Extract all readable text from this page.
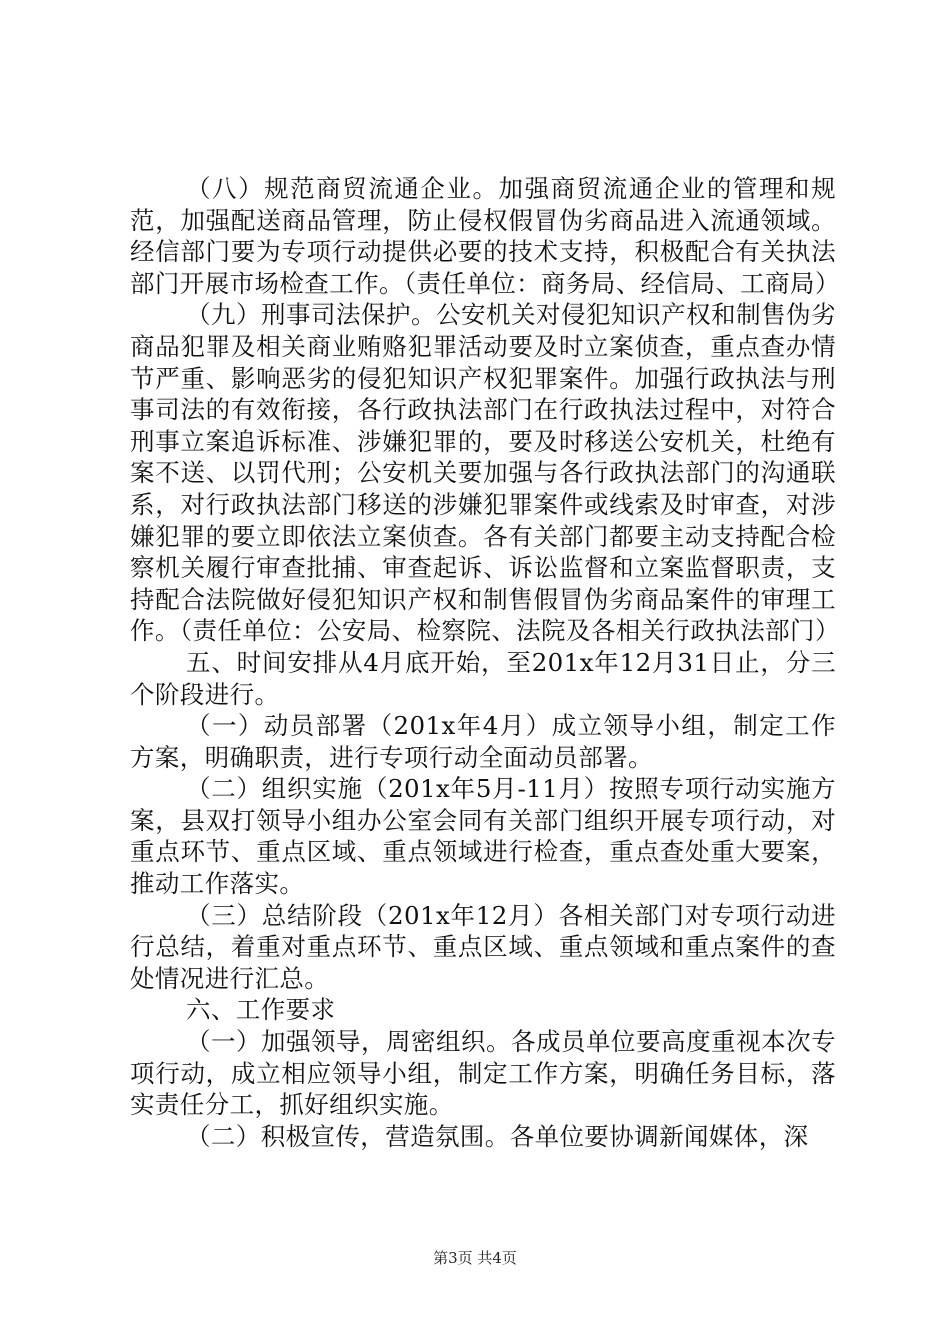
（八）规范商贸流通企业。加强商贸流通企业的管理和规范，加强配送商品管理，防止侵权假冒伪劣商品进入流通领域。经信部门要为专项行动提供必要的技术支持，积极配合有关执法部门开展市场检查工作。（责任单位：商务局、经信局、工商局）

（九）刑事司法保护。公安机关对侵犯知识产权和制售伪劣商品犯罪及相关商业贿赂犯罪活动要及时立案侦查，重点查办情节严重、影响恶劣的侵犯知识产权犯罪案件。加强行政执法与刑事司法的有效衔接，各行政执法部门在行政执法过程中，对符合刑事立案追诉标准、涉嫌犯罪的，要及时移送公安机关，杜绝有案不送、以罚代刑；公安机关要加强与各行政执法部门的沟通联系，对行政执法部门移送的涉嫌犯罪案件或线索及时审查，对涉嫌犯罪的要立即依法立案侦查。各有关部门都要主动支持配合检察机关履行审查批捕、审查起诉、诉讼监督和立案监督职责，支持配合法院做好侵犯知识产权和制售假冒伪劣商品案件的审理工作。（责任单位：公安局、检察院、法院及各相关行政执法部门）

五、时间安排从4月底开始，至201x年12月31日止，分三个阶段进行。

（一）动员部署（201x年4月）成立领导小组，制定工作方案，明确职责，进行专项行动全面动员部署。

（二）组织实施（201x年5月-11月）按照专项行动实施方案，县双打领导小组办公室会同有关部门组织开展专项行动，对重点环节、重点区域、重点领域进行检查，重点查处重大要案，推动工作落实。

（三）总结阶段（201x年12月）各相关部门对专项行动进行总结，着重对重点环节、重点区域、重点领域和重点案件的查处情况进行汇总。

六、工作要求

（一）加强领导，周密组织。各成员单位要高度重视本次专项行动，成立相应领导小组，制定工作方案，明确任务目标，落实责任分工，抓好组织实施。

（二）积极宣传，营造氛围。各单位要协调新闻媒体，深

第3页 共4页
